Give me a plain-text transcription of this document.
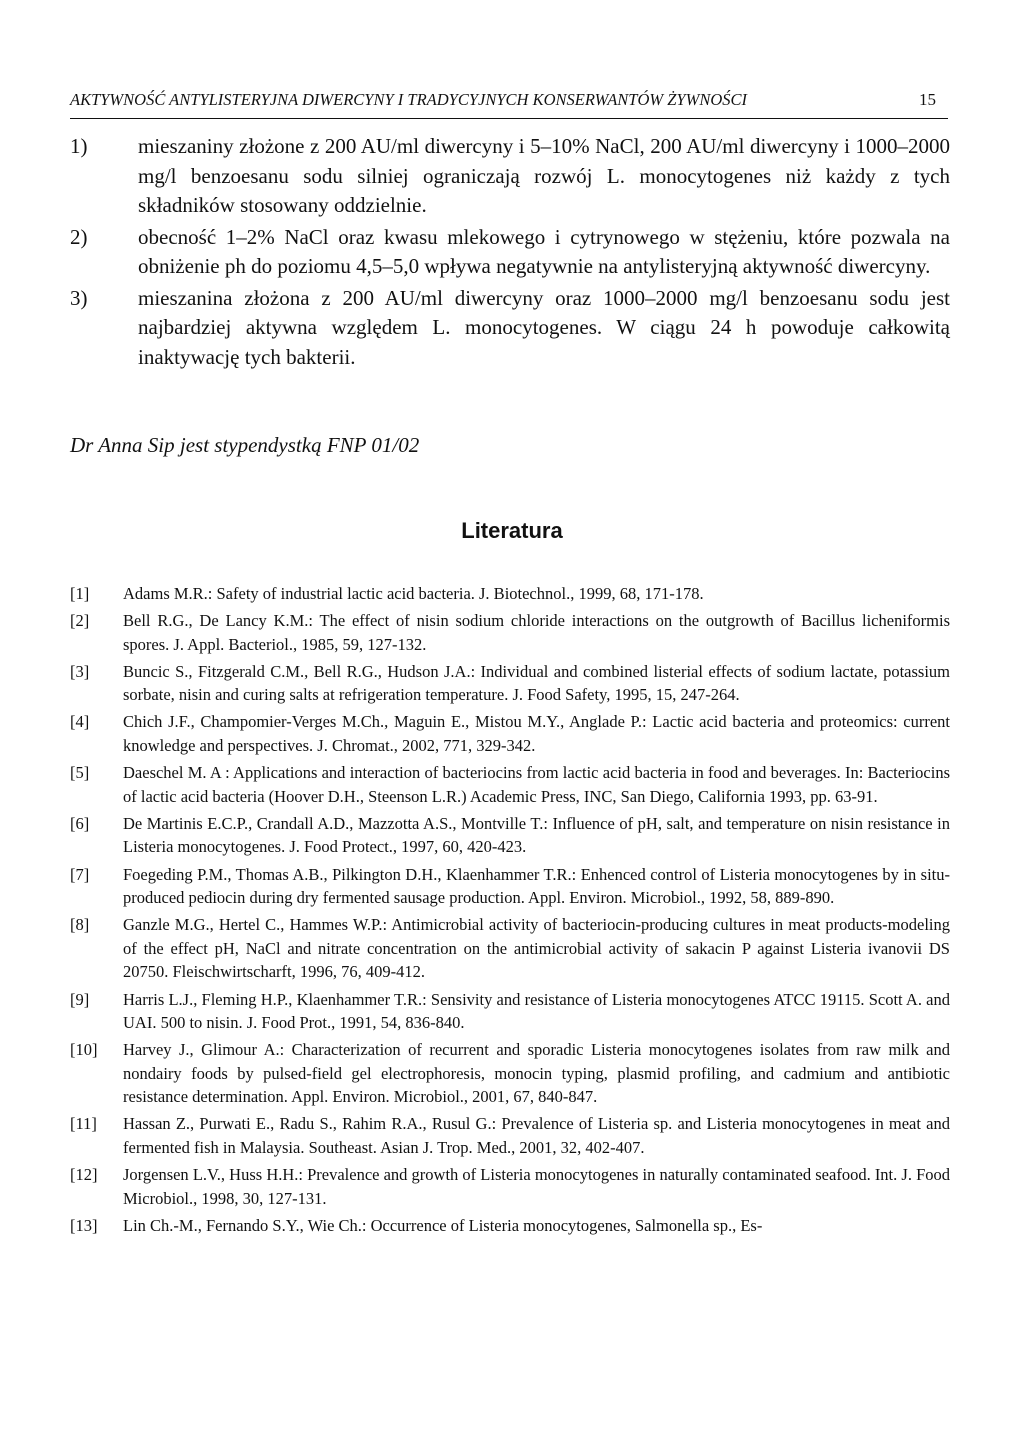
AKTYWNOŚĆ ANTYLISTERYJNA DIWERCYNY I TRADYCYJNYCH KONSERWANTÓW ŻYWNOŚCI	15
1) mieszaniny złożone z 200 AU/ml diwercyny i 5–10% NaCl, 200 AU/ml diwercyny i 1000–2000 mg/l benzoesanu sodu silniej ograniczają rozwój L. monocytogenes niż każdy z tych składników stosowany oddzielnie.
2) obecność 1–2% NaCl oraz kwasu mlekowego i cytrynowego w stężeniu, które pozwala na obniżenie ph do poziomu 4,5–5,0 wpływa negatywnie na antylisteryjną aktywność diwercyny.
3) mieszanina złożona z 200 AU/ml diwercyny oraz 1000–2000 mg/l benzoesanu sodu jest najbardziej aktywna względem L. monocytogenes. W ciągu 24 h powoduje całkowitą inaktywację tych bakterii.
Dr Anna Sip jest stypendystką FNP 01/02
Literatura
[1] Adams M.R.: Safety of industrial lactic acid bacteria. J. Biotechnol., 1999, 68, 171-178.
[2] Bell R.G., De Lancy K.M.: The effect of nisin sodium chloride interactions on the outgrowth of Bacillus licheniformis spores. J. Appl. Bacteriol., 1985, 59, 127-132.
[3] Buncic S., Fitzgerald C.M., Bell R.G., Hudson J.A.: Individual and combined listerial effects of sodium lactate, potassium sorbate, nisin and curing salts at refrigeration temperature. J. Food Safety, 1995, 15, 247-264.
[4] Chich J.F., Champomier-Verges M.Ch., Maguin E., Mistou M.Y., Anglade P.: Lactic acid bacteria and proteomics: current knowledge and perspectives. J. Chromat., 2002, 771, 329-342.
[5] Daeschel M. A : Applications and interaction of bacteriocins from lactic acid bacteria in food and beverages. In: Bacteriocins of lactic acid bacteria (Hoover D.H., Steenson L.R.) Academic Press, INC, San Diego, California 1993, pp. 63-91.
[6] De Martinis E.C.P., Crandall A.D., Mazzotta A.S., Montville T.: Influence of pH, salt, and temperature on nisin resistance in Listeria monocytogenes. J. Food Protect., 1997, 60, 420-423.
[7] Foegeding P.M., Thomas A.B., Pilkington D.H., Klaenhammer T.R.: Enhenced control of Listeria monocytogenes by in situ-produced pediocin during dry fermented sausage production. Appl. Environ. Microbiol., 1992, 58, 889-890.
[8] Ganzle M.G., Hertel C., Hammes W.P.: Antimicrobial activity of bacteriocin-producing cultures in meat products-modeling of the effect pH, NaCl and nitrate concentration on the antimicrobial activity of sakacin P against Listeria ivanovii DS 20750. Fleischwirtscharft, 1996, 76, 409-412.
[9] Harris L.J., Fleming H.P., Klaenhammer T.R.: Sensivity and resistance of Listeria monocytogenes ATCC 19115. Scott A. and UAI. 500 to nisin. J. Food Prot., 1991, 54, 836-840.
[10] Harvey J., Glimour A.: Characterization of recurrent and sporadic Listeria monocytogenes isolates from raw milk and nondairy foods by pulsed-field gel electrophoresis, monocin typing, plasmid profiling, and cadmium and antibiotic resistance determination. Appl. Environ. Microbiol., 2001, 67, 840-847.
[11] Hassan Z., Purwati E., Radu S., Rahim R.A., Rusul G.: Prevalence of Listeria sp. and Listeria monocytogenes in meat and fermented fish in Malaysia. Southeast. Asian J. Trop. Med., 2001, 32, 402-407.
[12] Jorgensen L.V., Huss H.H.: Prevalence and growth of Listeria monocytogenes in naturally contaminated seafood. Int. J. Food Microbiol., 1998, 30, 127-131.
[13] Lin Ch.-M., Fernando S.Y., Wie Ch.: Occurrence of Listeria monocytogenes, Salmonella sp., Es-
